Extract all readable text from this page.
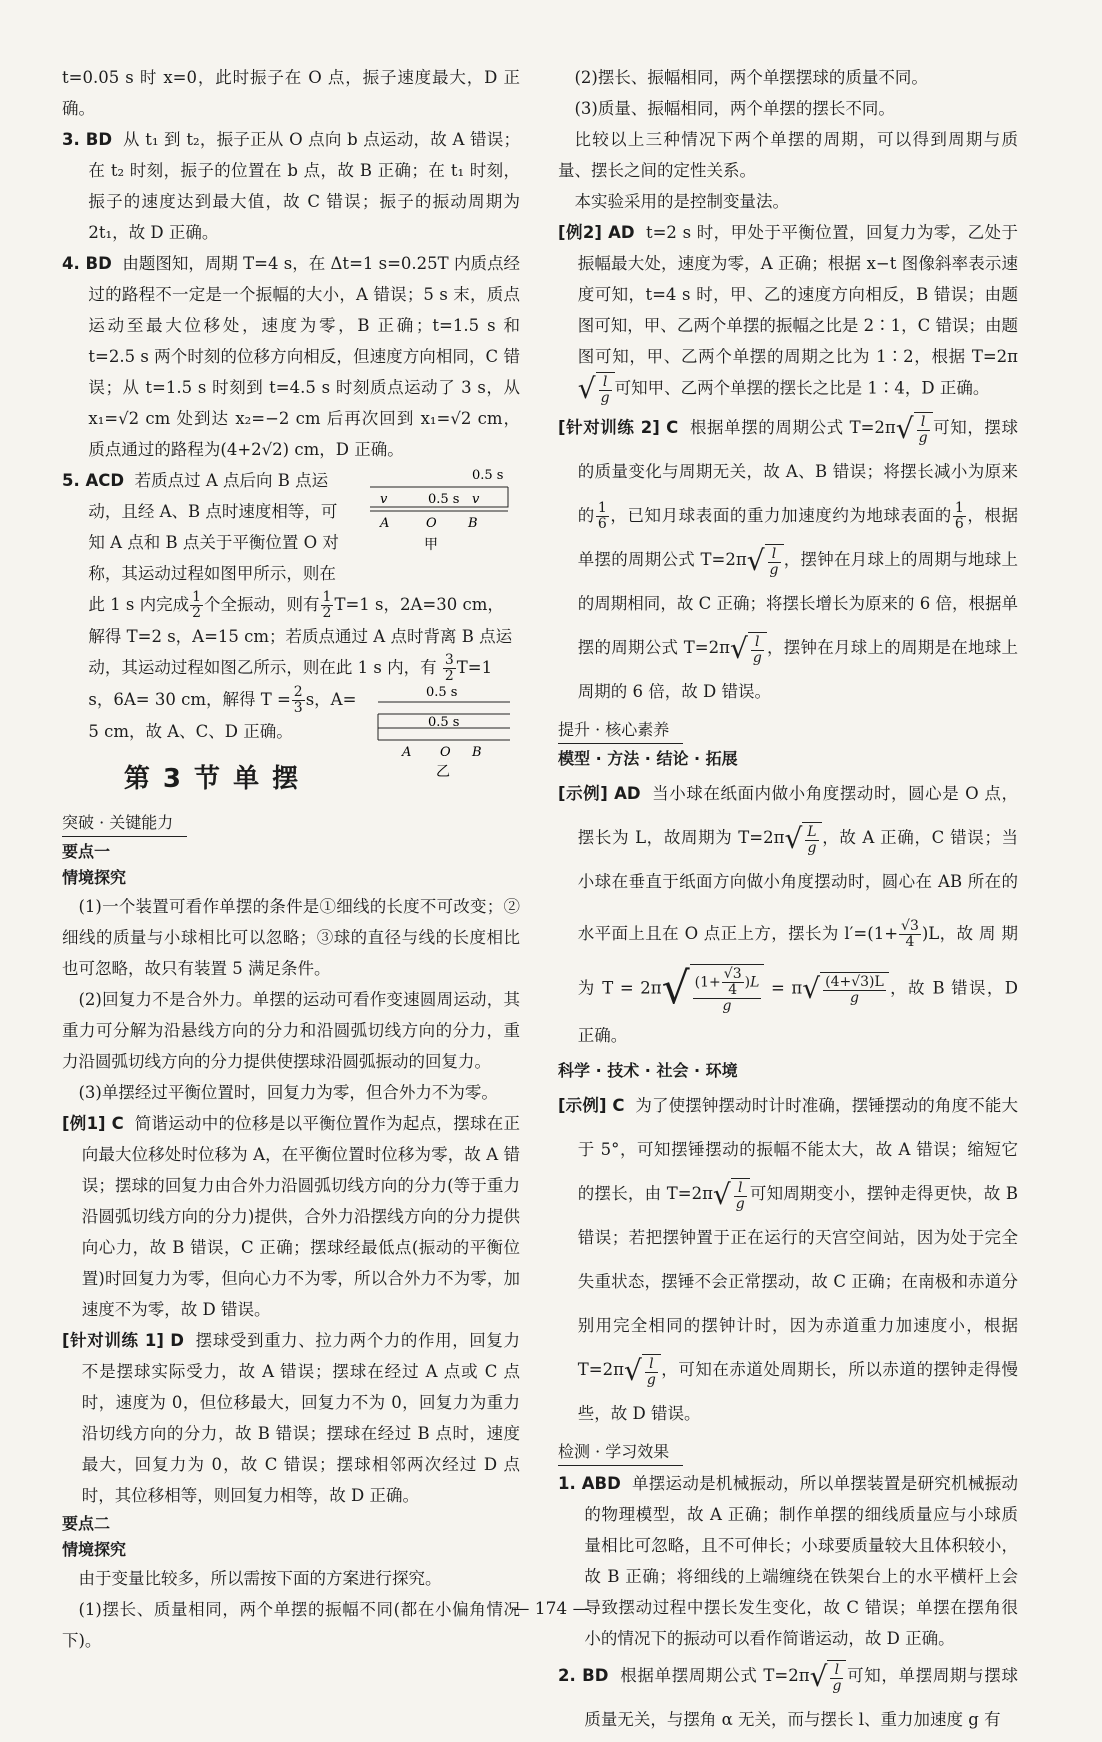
t=0.05 s 时 x=0，此时振子在 O 点，振子速度最大，D 正确。

3. BD 从 t₁ 到 t₂，振子正从 O 点向 b 点运动，故 A 错误；在 t₂ 时刻，振子的位置在 b 点，故 B 正确；在 t₁ 时刻，振子的速度达到最大值，故 C 错误；振子的振动周期为 2t₁，故 D 正确。

4. BD 由题图知，周期 T=4 s，在 Δt=1 s=0.25T 内质点经过的路程不一定是一个振幅的大小，A 错误；5 s 末，质点运动至最大位移处，速度为零，B 正确；t=1.5 s 和 t=2.5 s 两个时刻的位移方向相反，但速度方向相同，C 错误；从 t=1.5 s 时刻到 t=4.5 s 时刻质点运动了 3 s，从 x₁=√2 cm 处到达 x₂=−2 cm 后再次回到 x₁=√2 cm，质点通过的路程为(4+2√2) cm，D 正确。

0.5 s
0.5 s
v	v
A	O B
甲
5. ACD 若质点过 A 点后向 B 点运动，且经 A、B 点时速度相等，可知 A 点和 B 点关于平衡位置 O 对称，其运动过程如图甲所示，则在此 1 s 内完成 $\frac{1}{2}$ 个全振动，则有 $\frac{1}{2} T=1$ s，2A=30 cm，解得 T=2 s，A=15 cm；若质点通过 A 点时背离 B 点运动，其运动过程如图乙所示，则在此 1 s 内，有
0.5 s
0.5 s
A O B
乙
$\frac{3}{2} T=1$ s，6A= 30 cm，解得 $T = \frac{2}{3}$ s，A= 5 cm，故 A、C、D 正确。
第 3 节 单 摆
突破 · 关键能力
要点一
情境探究

(1)一个装置可看作单摆的条件是①细线的长度不可改变；②细线的质量与小球相比可以忽略；③球的直径与线的长度相比也可忽略，故只有装置 5 满足条件。

(2)回复力不是合外力。单摆的运动可看作变速圆周运动，其重力可分解为沿悬线方向的分力和沿圆弧切线方向的分力，重力沿圆弧切线方向的分力提供使摆球沿圆弧振动的回复力。

(3)单摆经过平衡位置时，回复力为零，但合外力不为零。

[例1] C 简谐运动中的位移是以平衡位置作为起点，摆球在正向最大位移处时位移为 A，在平衡位置时位移为零，故 A 错误；摆球的回复力由合外力沿圆弧切线方向的分力(等于重力沿圆弧切线方向的分力)提供，合外力沿摆线方向的分力提供向心力，故 B 错误，C 正确；摆球经最低点(振动的平衡位置)时回复力为零，但向心力不为零，所以合外力不为零，加速度不为零，故 D 错误。

[针对训练 1] D 摆球受到重力、拉力两个力的作用，回复力不是摆球实际受力，故 A 错误；摆球在经过 A 点或 C 点时，速度为 0，但位移最大，回复力不为 0，回复力为重力沿切线方向的分力，故 B 错误；摆球在经过 B 点时，速度最大，回复力为 0，故 C 错误；摆球相邻两次经过 D 点时，其位移相等，则回复力相等，故 D 正确。

要点二
情境探究

由于变量比较多，所以需按下面的方案进行探究。

(1)摆长、质量相同，两个单摆的振幅不同(都在小偏角情况下)。

(2)摆长、振幅相同，两个单摆摆球的质量不同。

(3)质量、振幅相同，两个单摆的摆长不同。

比较以上三种情况下两个单摆的周期，可以得到周期与质量、摆长之间的定性关系。

本实验采用的是控制变量法。

[例2] AD t=2 s 时，甲处于平衡位置，回复力为零，乙处于振幅最大处，速度为零，A 正确；根据 x−t 图像斜率表示速度可知，t=4 s 时，甲、乙的速度方向相反，B 错误；由题图可知，甲、乙两个单摆的振幅之比是 2∶1，C 错误；由题图可知，甲、乙两个单摆的周期之比为 1∶2，根据 $T=2\pi√ \frac{l}{g}$ 可知甲、乙两个单摆的摆长之比是 1∶4，D 正确。

[针对训练 2] C 根据单摆的周期公式 $T=2\pi√ \frac{l}{g}$ 可知，摆球的质量变化与周期无关，故 A、B 错误；将摆长减小为原来的 $\frac{1}{6}$ ，已知月球表面的重力加速度约为地球表面的 $\frac{1}{6}$ ，根据单摆的周期公式 $T=2\pi√ \frac{l}{g}$ ，摆钟在月球上的周期与地球上的周期相同，故 C 正确；将摆长增长为原来的 6 倍，根据单摆的周期公式 $T=2\pi√ \frac{l}{g}$ ，摆钟在月球上的周期是在地球上周期的 6 倍，故 D 错误。

提升 · 核心素养
模型 · 方法 · 结论 · 拓展

[示例] AD 当小球在纸面内做小角度摆动时，圆心是 O 点，摆长为 L，故周期为 $T=2\pi√ \frac{L}{g}$ ，故 A 正确，C 错误；当小球在垂直于纸面方向做小角度摆动时，圆心在 AB 所在的水平面上且在 O 点正上方，摆长为 $l'=(1+ \frac{√3}{4} )L$，故 周 期 为 $T = 2\pi√ \frac{(1+ \frac{√3}{4} )L}{g} = \pi√ \frac{(4+√3)L}{g}$ ，故 B 错误，D 正确。

科学 · 技术 · 社会 · 环境

[示例] C 为了使摆钟摆动时计时准确，摆锤摆动的角度不能大于 5°，可知摆锤摆动的振幅不能太大，故 A 错误；缩短它的摆长，由 $T=2\pi√ \frac{l}{g}$ 可知周期变小，摆钟走得更快，故 B 错误；若把摆钟置于正在运行的天宫空间站，因为处于完全失重状态，摆锤不会正常摆动，故 C 正确；在南极和赤道分别用完全相同的摆钟计时，因为赤道重力加速度小，根据 $T=2\pi√ \frac{l}{g}$ ，可知在赤道处周期长，所以赤道的摆钟走得慢些，故 D 错误。

检测 · 学习效果

1. ABD 单摆运动是机械振动，所以单摆装置是研究机械振动的物理模型，故 A 正确；制作单摆的细线质量应与小球质量相比可忽略，且不可伸长；小球要质量较大且体积较小，故 B 正确；将细线的上端缠绕在铁架台上的水平横杆上会导致摆动过程中摆长发生变化，故 C 错误；单摆在摆角很小的情况下的振动可以看作简谐运动，故 D 正确。

2. BD 根据单摆周期公式 $T=2\pi√ \frac{l}{g}$ 可知，单摆周期与摆球质量无关，与摆角 α 无关，而与摆长 l、重力加速度 g 有

— 174 —
